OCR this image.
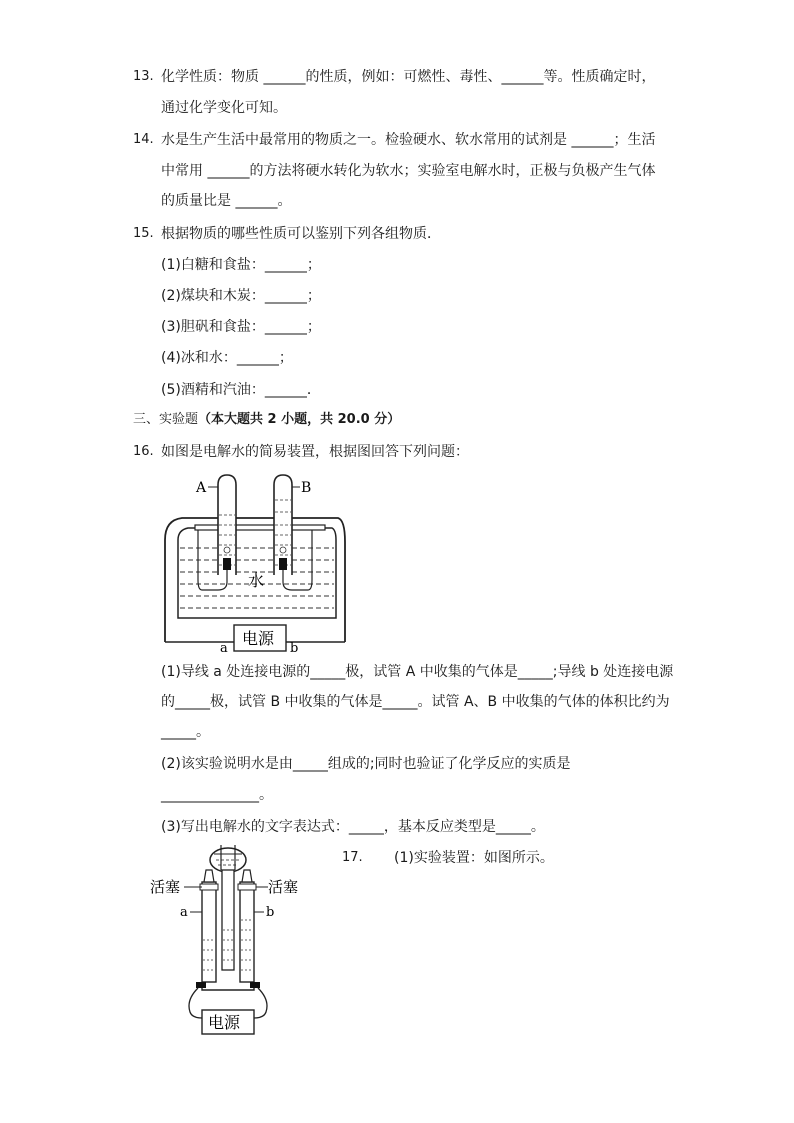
13. 化学性质：物质 ______的性质，例如：可燃性、毒性、______等。性质确定时，
通过化学变化可知。
14. 水是生产生活中最常用的物质之一。检验硬水、软水常用的试剂是 ______；生活
中常用 ______的方法将硬水转化为软水；实验室电解水时，正极与负极产生气体
的质量比是 ______。
15. 根据物质的哪些性质可以鉴别下列各组物质．
(1)白糖和食盐：______；
(2)煤块和木炭：______；
(3)胆矾和食盐：______；
(4)冰和水：______；
(5)酒精和汽油：______．
三、实验题（本大题共 2 小题，共 20.0 分）
16. 如图是电解水的简易装置，根据图回答下列问题：
A	B
水
电源
a	b
(1)导线 a 处连接电源的_____极，试管 A 中收集的气体是_____;导线 b 处连接电源
的_____极，试管 B 中收集的气体是_____。试管 A、B 中收集的气体的体积比约为
_____。
(2)该实验说明水是由_____组成的;同时也验证了化学反应的实质是
______________。
(3)写出电解水的文字表达式：_____，基本反应类型是_____。
17. (1)实验装置：如图所示。
电源
活塞	活塞
a	b
